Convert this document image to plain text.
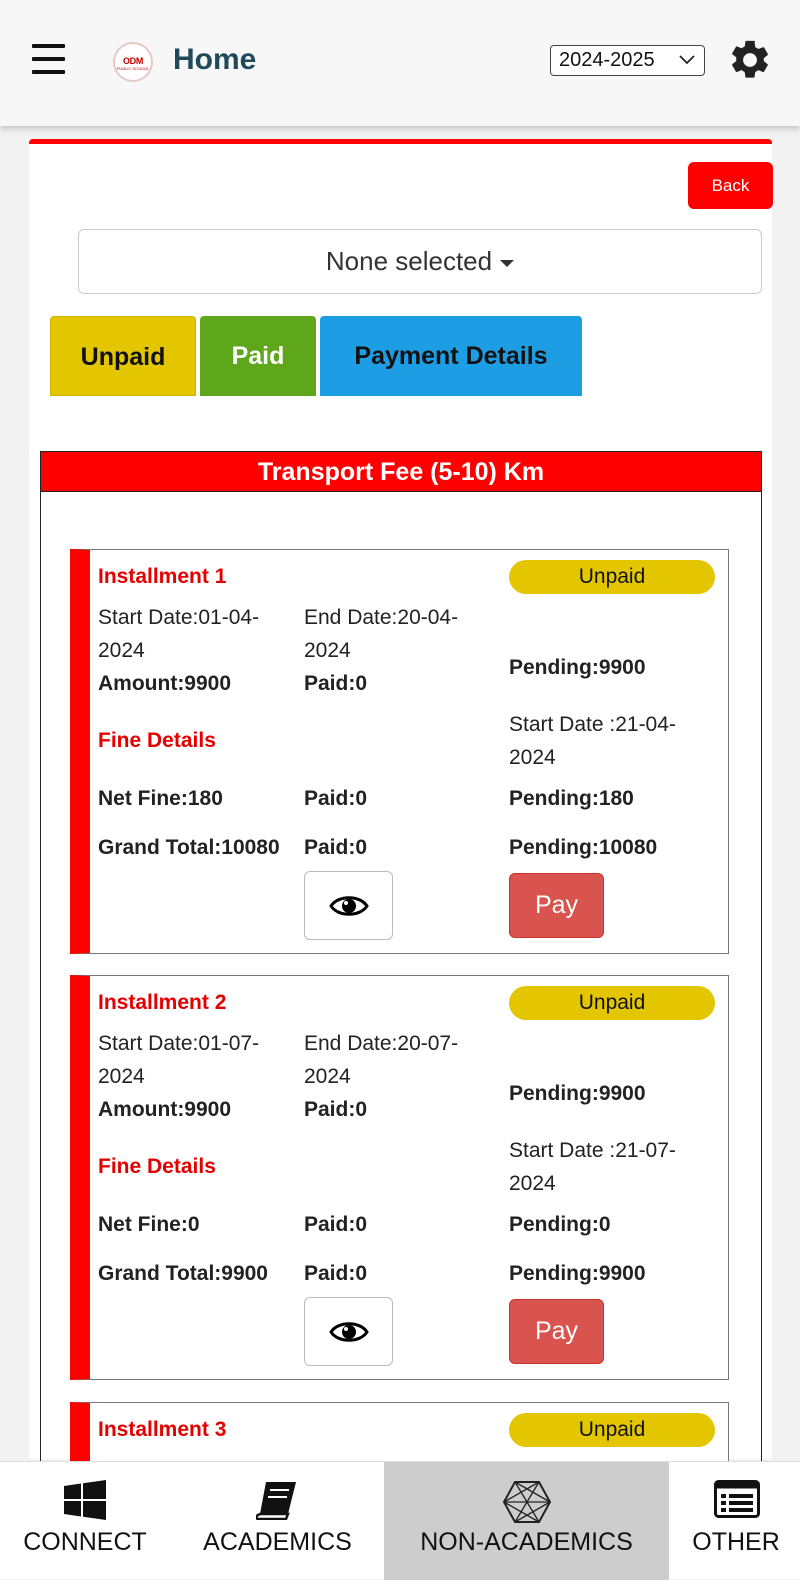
ODM
PUBLIC SCHOOL Home	2024-2025
Back
None selected
Unpaid	Paid	Payment Details
Transport Fee (5-10) Km
Installment 1	Unpaid
Start Date:01-04-2024
End Date:20-04-2024
Amount:9900	Paid:0
Pending:9900
Fine Details
Start Date :21-04-2024
Net Fine:180	Paid:0	Pending:180
Grand Total:10080 Paid:0	Pending:10080
Pay
Installment 2	Unpaid
Start Date:01-07-2024
End Date:20-07-2024
Amount:9900	Paid:0
Pending:9900
Fine Details
Start Date :21-07-2024
Net Fine:0	Paid:0	Pending:0
Grand Total:9900 Paid:0	Pending:9900
Pay
Installment 3	Unpaid
CONNECT	ACADEMICS	NON-ACADEMICS	OTHER
